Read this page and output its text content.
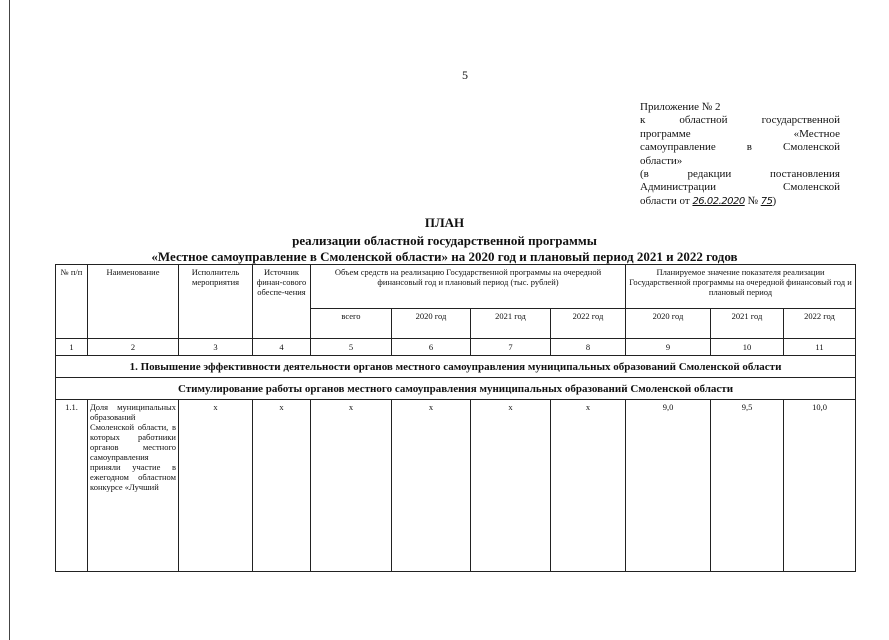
5
Приложение № 2
к областной государственной
программе «Местное
самоуправление в Смоленской
области»
(в редакции постановления
Администрации Смоленской
области от 26.02.2020 № 75)
ПЛАН
реализации областной государственной программы
«Местное самоуправление в Смоленской области» на 2020 год и плановый период 2021 и 2022 годов
№ п/п	Наименование	Исполнитель мероприятия	Источник финан-сового обеспе-чения	Объем средств на реализацию Государственной программы на очередной финансовый год и плановый период (тыс. рублей)				Планируемое значение показателя реализации Государственной программы на очередной финансовый год и плановый период		
				всего	2020 год	2021 год	2022 год	2020 год	2021 год	2022 год
1	2	3	4	5	6	7	8	9	10	11
1. Повышение эффективности деятельности органов местного самоуправления муниципальных образований Смоленской области										
Стимулирование работы органов местного самоуправления муниципальных образований Смоленской области										
1.1.	Доля муниципальных образований Смоленской области, в которых работники органов местного самоуправления приняли участие в ежегодном областном конкурсе «Лучший	х	х	х	х	х	х	9,0	9,5	10,0
